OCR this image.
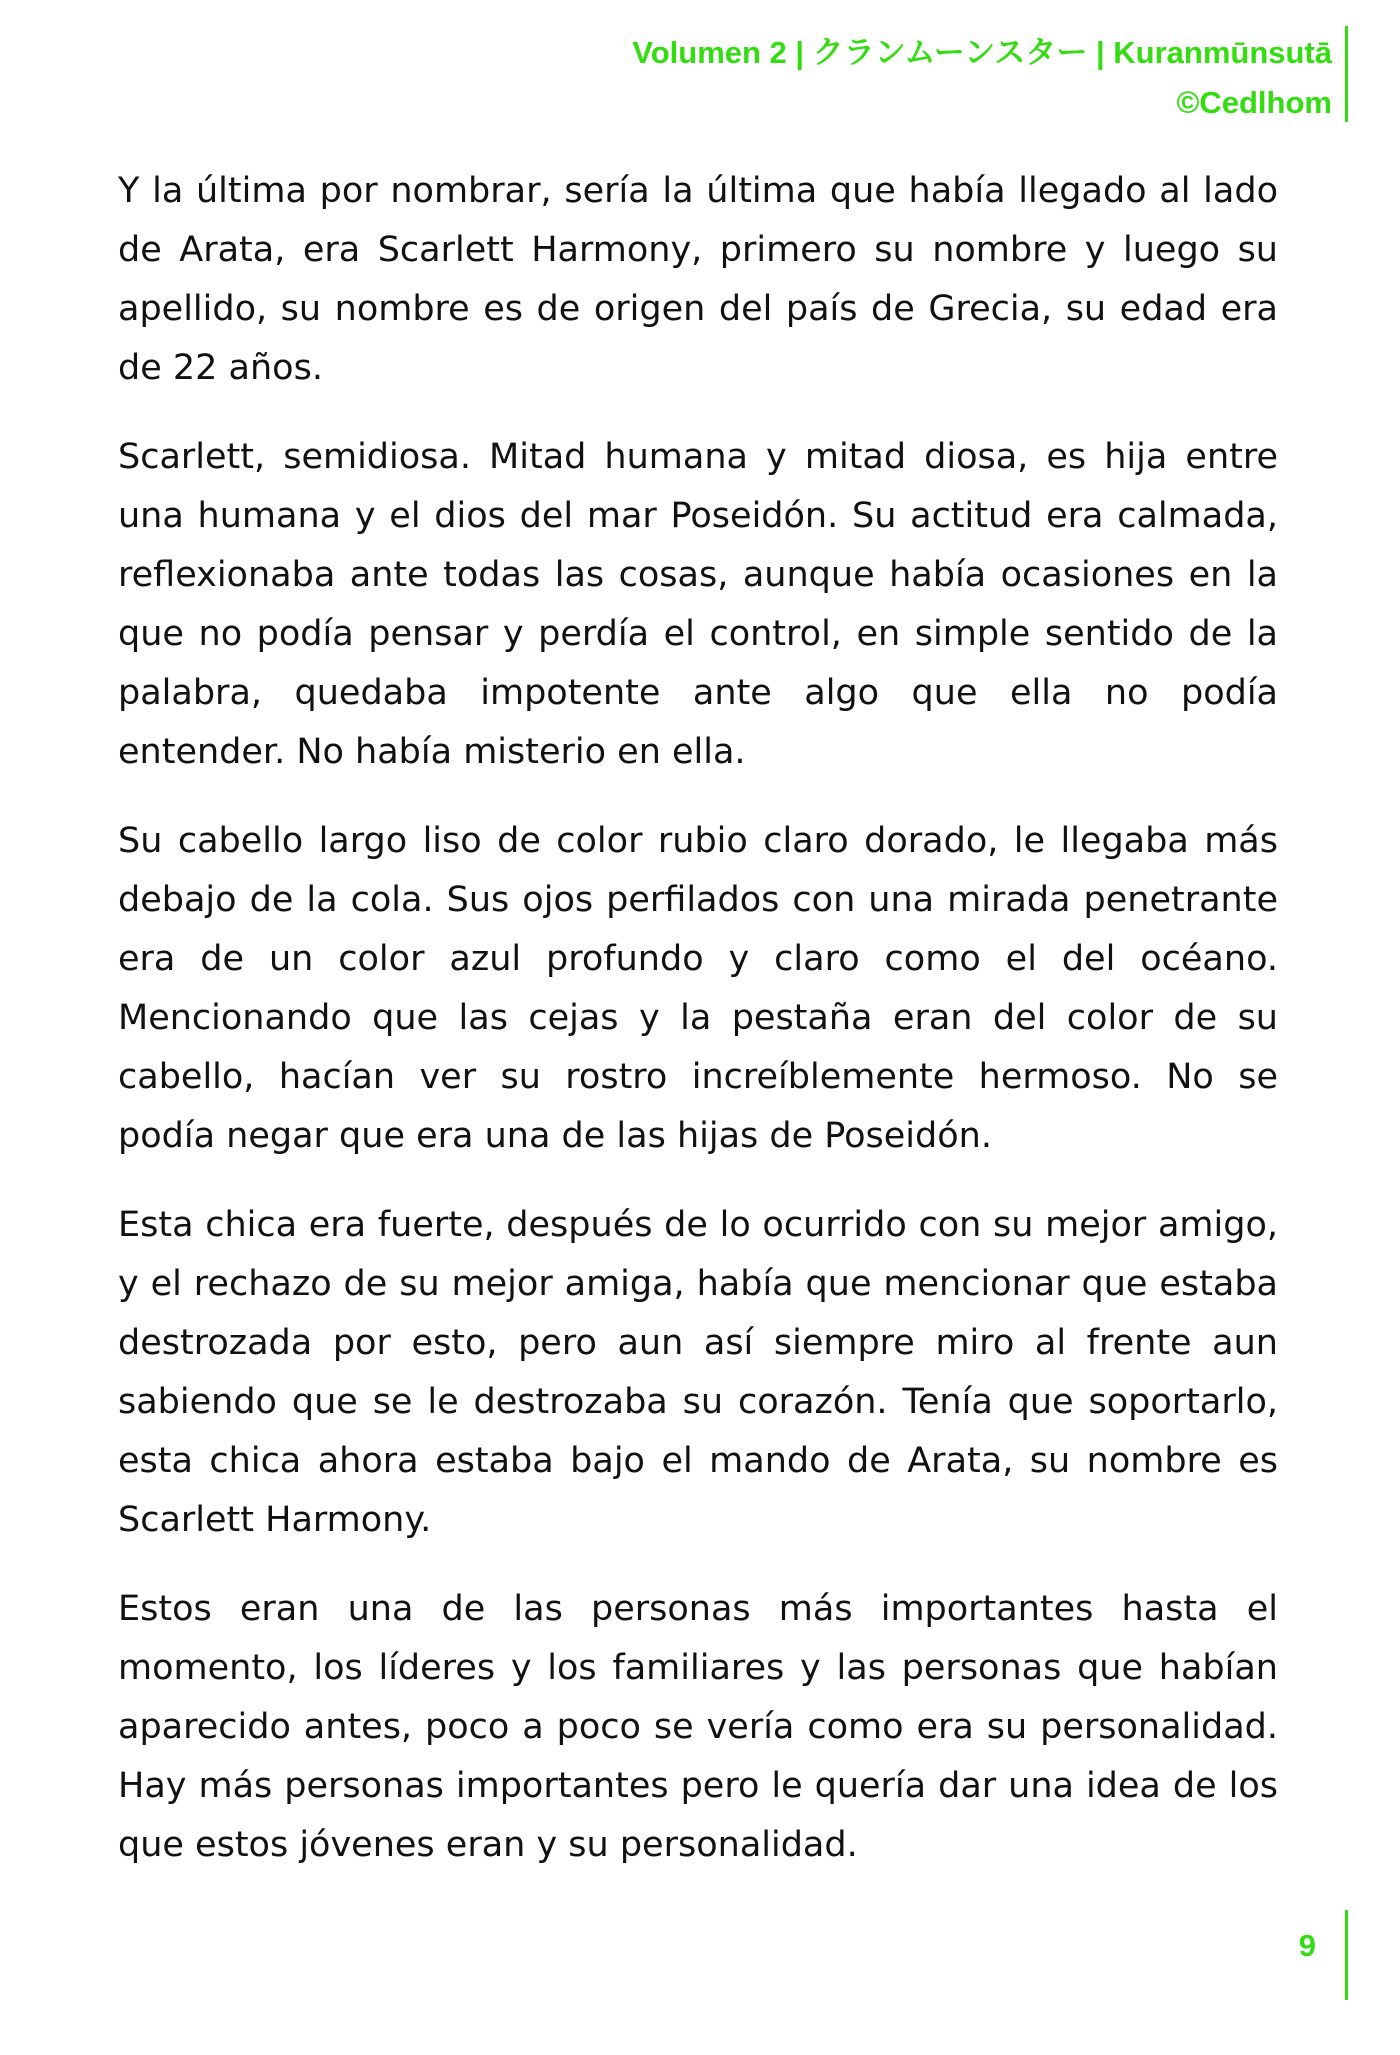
Volumen 2 | クランムーンスター | Kuranmūnsutā
©Cedlhom

Y la última por nombrar, sería la última que había llegado al lado de Arata, era Scarlett Harmony, primero su nombre y luego su apellido, su nombre es de origen del país de Grecia, su edad era de 22 años.

Scarlett, semidiosa. Mitad humana y mitad diosa, es hija entre una humana y el dios del mar Poseidón. Su actitud era calmada, reflexionaba ante todas las cosas, aunque había ocasiones en la que no podía pensar y perdía el control, en simple sentido de la palabra, quedaba impotente ante algo que ella no podía entender. No había misterio en ella.

Su cabello largo liso de color rubio claro dorado, le llegaba más debajo de la cola. Sus ojos perfilados con una mirada penetrante era de un color azul profundo y claro como el del océano. Mencionando que las cejas y la pestaña eran del color de su cabello, hacían ver su rostro increíblemente hermoso. No se podía negar que era una de las hijas de Poseidón.

Esta chica era fuerte, después de lo ocurrido con su mejor amigo, y el rechazo de su mejor amiga, había que mencionar que estaba destrozada por esto, pero aun así siempre miro al frente aun sabiendo que se le destrozaba su corazón. Tenía que soportarlo, esta chica ahora estaba bajo el mando de Arata, su nombre es Scarlett Harmony.

Estos eran una de las personas más importantes hasta el momento, los líderes y los familiares y las personas que habían aparecido antes, poco a poco se vería como era su personalidad. Hay más personas importantes pero le quería dar una idea de los que estos jóvenes eran y su personalidad.

9
